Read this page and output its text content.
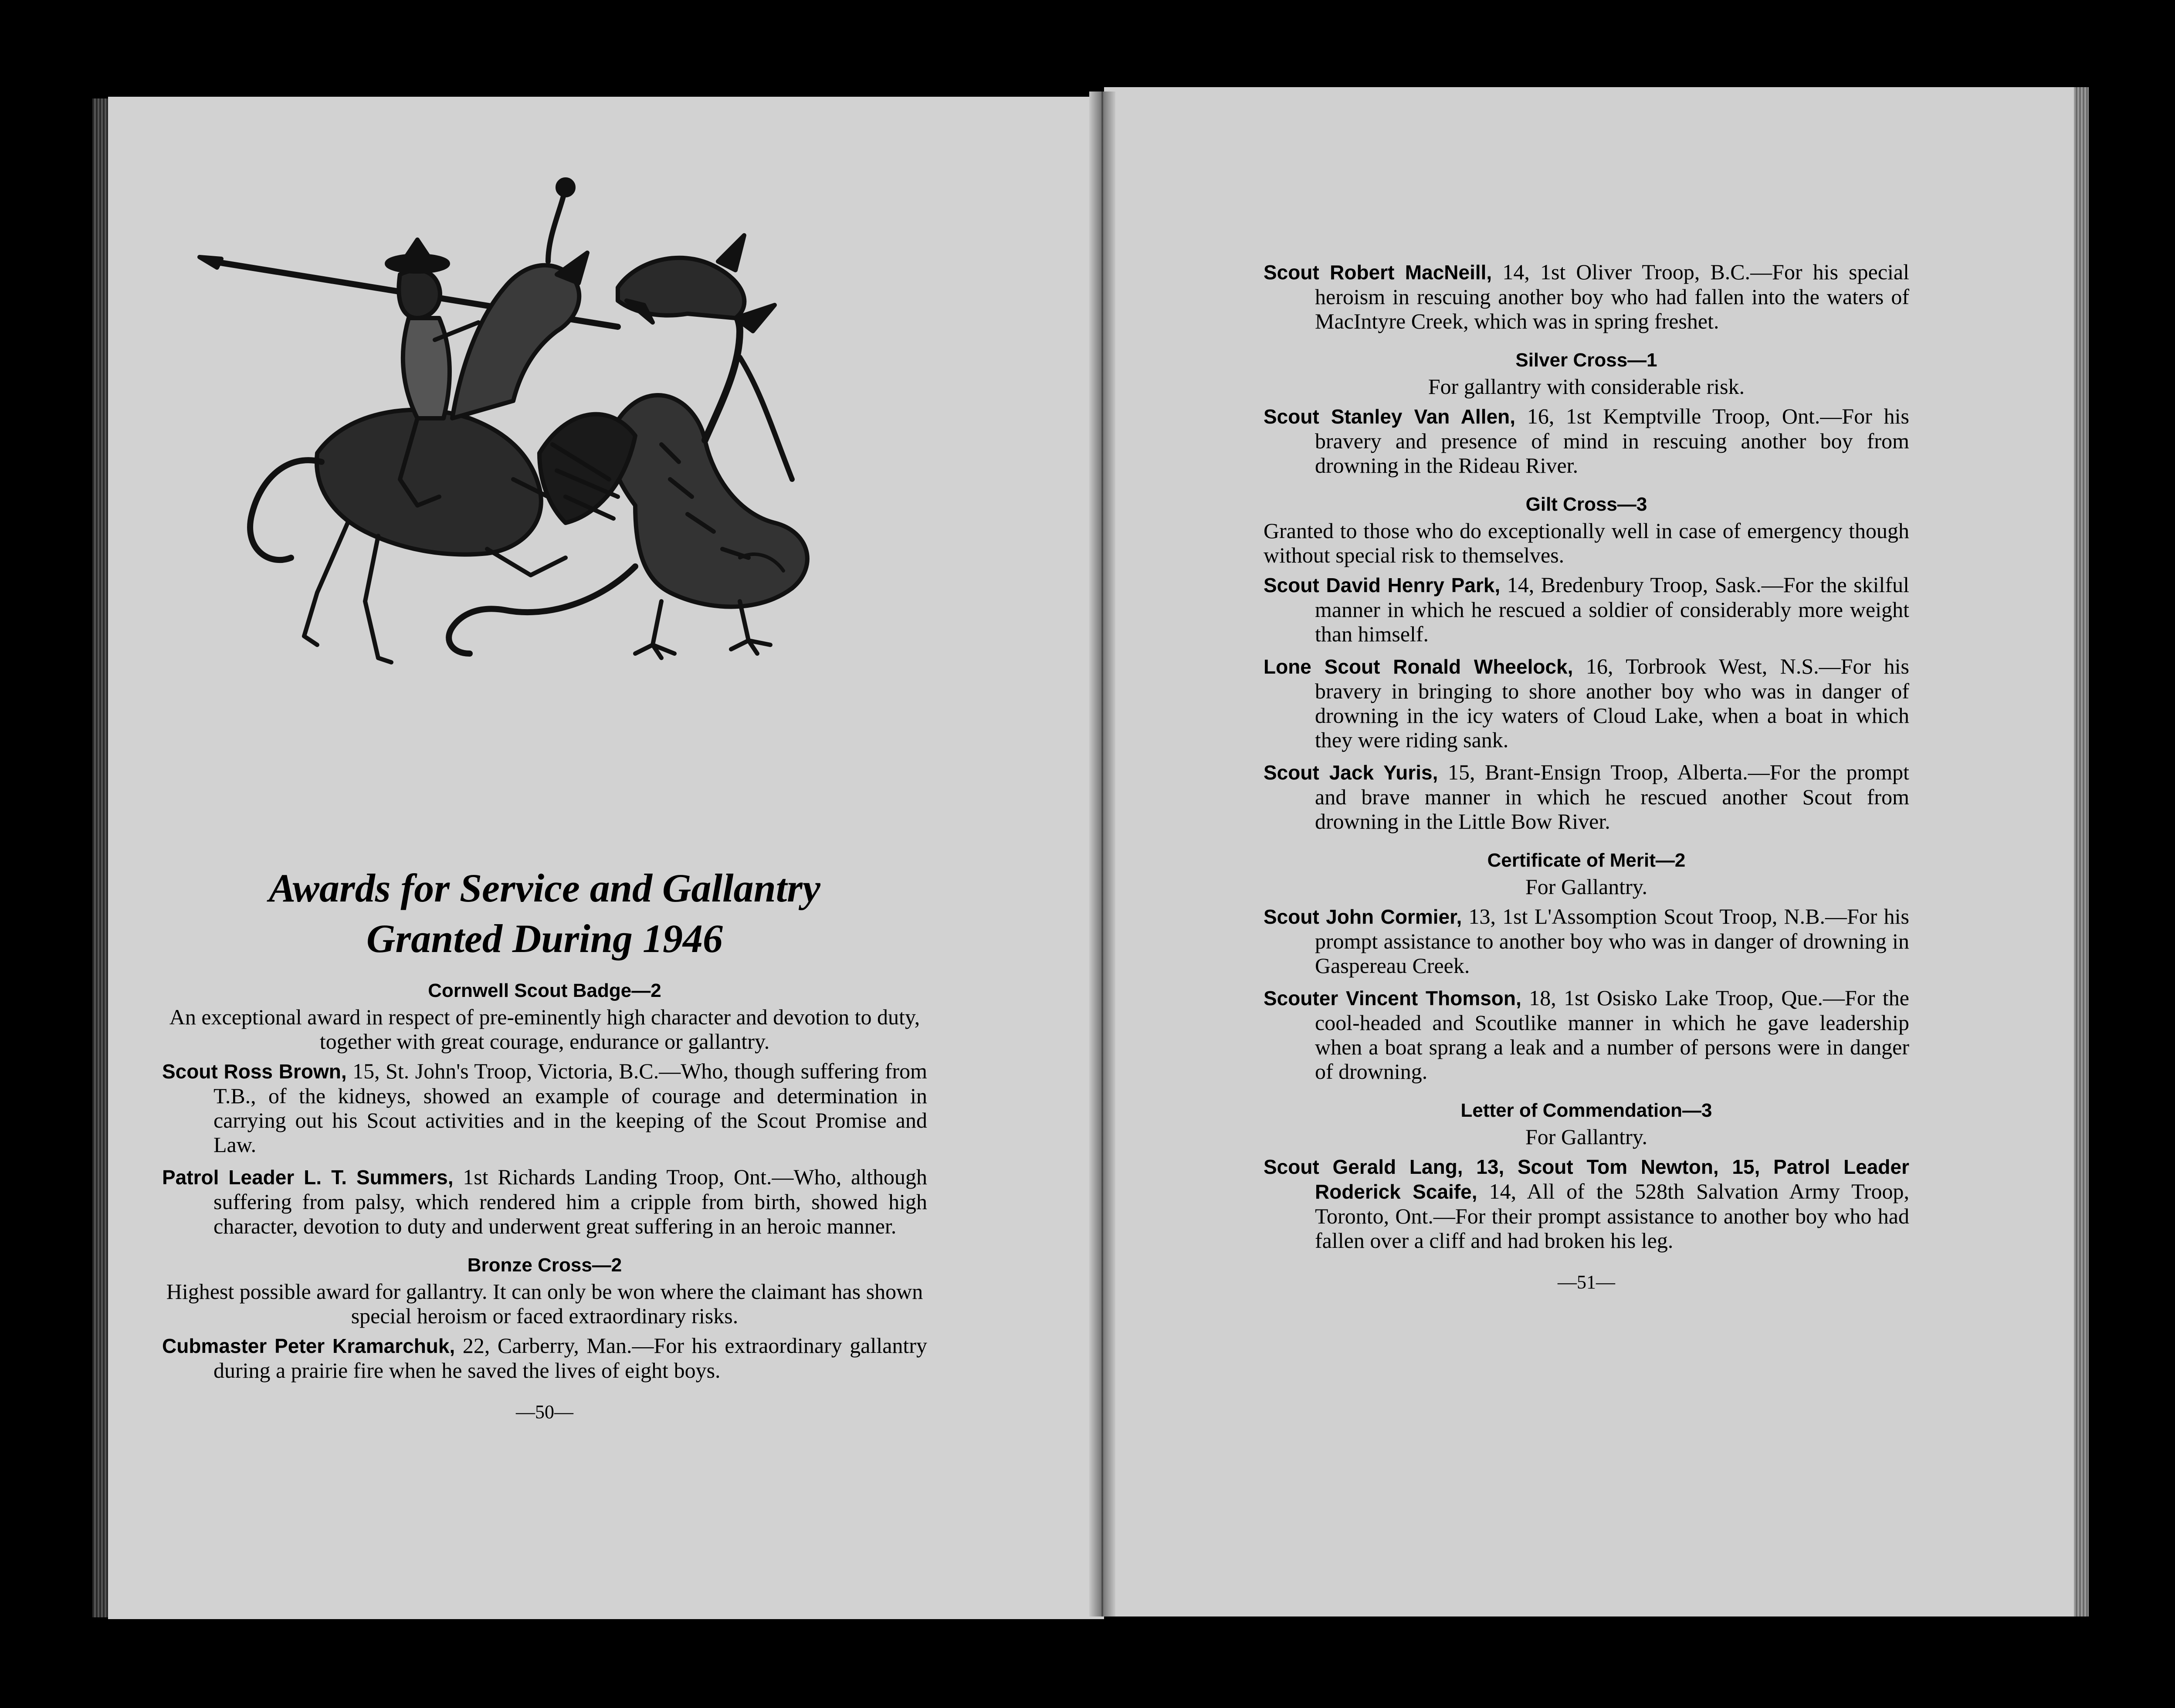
Awards for Service and Gallantry
Granted During 1946
Cornwell Scout Badge—2

An exceptional award in respect of pre-eminently high character and devotion to duty, together with great courage, endurance or gallantry.

Scout Ross Brown, 15, St. John's Troop, Victoria, B.C.—Who, though suffering from T.B., of the kidneys, showed an example of courage and determination in carrying out his Scout activities and in the keeping of the Scout Promise and Law.

Patrol Leader L. T. Summers, 1st Richards Landing Troop, Ont.—Who, although suffering from palsy, which rendered him a cripple from birth, showed high character, devotion to duty and underwent great suffering in an heroic manner.

Bronze Cross—2

Highest possible award for gallantry. It can only be won where the claimant has shown special heroism or faced extraordinary risks.

Cubmaster Peter Kramarchuk, 22, Carberry, Man.—For his extraordinary gallantry during a prairie fire when he saved the lives of eight boys.

—50—

Scout Robert MacNeill, 14, 1st Oliver Troop, B.C.—For his special heroism in rescuing another boy who had fallen into the waters of MacIntyre Creek, which was in spring freshet.

Silver Cross—1

For gallantry with considerable risk.

Scout Stanley Van Allen, 16, 1st Kemptville Troop, Ont.—For his bravery and presence of mind in rescuing another boy from drowning in the Rideau River.

Gilt Cross—3

Granted to those who do exceptionally well in case of emergency though without special risk to themselves.

Scout David Henry Park, 14, Bredenbury Troop, Sask.—For the skilful manner in which he rescued a soldier of considerably more weight than himself.

Lone Scout Ronald Wheelock, 16, Torbrook West, N.S.—For his bravery in bringing to shore another boy who was in danger of drowning in the icy waters of Cloud Lake, when a boat in which they were riding sank.

Scout Jack Yuris, 15, Brant-Ensign Troop, Alberta.—For the prompt and brave manner in which he rescued another Scout from drowning in the Little Bow River.

Certificate of Merit—2

For Gallantry.

Scout John Cormier, 13, 1st L'Assomption Scout Troop, N.B.—For his prompt assistance to another boy who was in danger of drowning in Gaspereau Creek.

Scouter Vincent Thomson, 18, 1st Osisko Lake Troop, Que.—For the cool-headed and Scoutlike manner in which he gave leadership when a boat sprang a leak and a number of persons were in danger of drowning.

Letter of Commendation—3

For Gallantry.

Scout Gerald Lang, 13, Scout Tom Newton, 15, Patrol Leader Roderick Scaife, 14, All of the 528th Salvation Army Troop, Toronto, Ont.—For their prompt assistance to another boy who had fallen over a cliff and had broken his leg.

—51—
